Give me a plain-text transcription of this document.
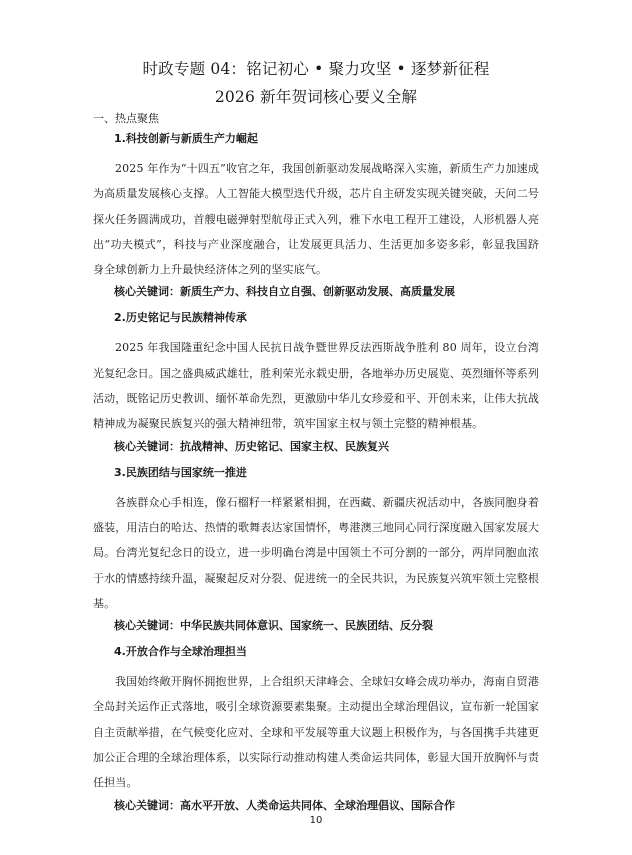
时政专题 04：铭记初心 • 聚力攻坚 • 逐梦新征程
2026 新年贺词核心要义全解
一、热点聚焦
1.科技创新与新质生产力崛起
2025 年作为“十四五”收官之年，我国创新驱动发展战略深入实施，新质生产力加速成为高质量发展核心支撑。人工智能大模型迭代升级，芯片自主研发实现关键突破，天问二号探火任务圆满成功，首艘电磁弹射型航母正式入列，雅下水电工程开工建设，人形机器人亮出“功夫模式”，科技与产业深度融合，让发展更具活力、生活更加多姿多彩，彰显我国跻身全球创新力上升最快经济体之列的坚实底气。
核心关键词：新质生产力、科技自立自强、创新驱动发展、高质量发展
2.历史铭记与民族精神传承
2025 年我国隆重纪念中国人民抗日战争暨世界反法西斯战争胜利 80 周年，设立台湾光复纪念日。国之盛典威武雄壮，胜利荣光永载史册，各地举办历史展览、英烈缅怀等系列活动，既铭记历史教训、缅怀革命先烈，更激励中华儿女珍爱和平、开创未来，让伟大抗战精神成为凝聚民族复兴的强大精神纽带，筑牢国家主权与领土完整的精神根基。
核心关键词：抗战精神、历史铭记、国家主权、民族复兴
3.民族团结与国家统一推进
各族群众心手相连，像石榴籽一样紧紧相拥，在西藏、新疆庆祝活动中，各族同胞身着盛装，用洁白的哈达、热情的歌舞表达家国情怀，粤港澳三地同心同行深度融入国家发展大局。台湾光复纪念日的设立，进一步明确台湾是中国领土不可分割的一部分，两岸同胞血浓于水的情感持续升温，凝聚起反对分裂、促进统一的全民共识，为民族复兴筑牢领土完整根基。
核心关键词：中华民族共同体意识、国家统一、民族团结、反分裂
4.开放合作与全球治理担当
我国始终敞开胸怀拥抱世界，上合组织天津峰会、全球妇女峰会成功举办，海南自贸港全岛封关运作正式落地，吸引全球资源要素集聚。主动提出全球治理倡议，宣布新一轮国家自主贡献举措，在气候变化应对、全球和平发展等重大议题上积极作为，与各国携手共建更加公正合理的全球治理体系，以实际行动推动构建人类命运共同体，彰显大国开放胸怀与责任担当。
核心关键词：高水平开放、人类命运共同体、全球治理倡议、国际合作
10
